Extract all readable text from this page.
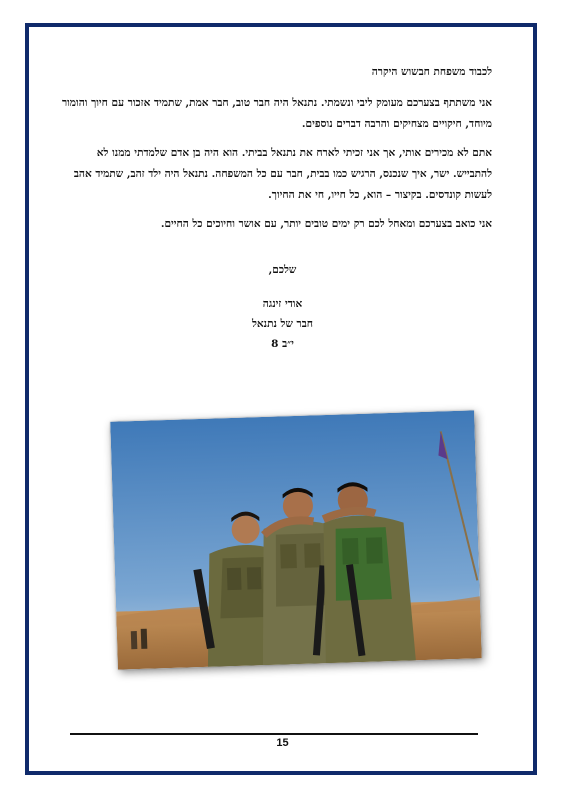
לכבוד משפחת חבשוש היקרה

אני משתתף בצערכם מעומק ליבי ונשמתי. נתנאל היה חבר טוב, חבר אמת, שתמיד אזכור עם חיוך והומור מיוחד, חיקויים מצחיקים והרבה דברים נוספים.

אתם לא מכירים אותי, אך אני זכיתי לארח את נתנאל בביתי. הוא היה בן אדם שלמדתי ממנו לא להתבייש. ישר, איך שנכנס, הרגיש כמו בבית, חבר עם כל המשפחה. נתנאל היה ילד זהב, שתמיד אהב לעשות קונדסים. בקיצור – הוא, כל חייו, חי את החיוך.

אני כואב בצערכם ומאחל לכם רק ימים טובים יותר, עם אושר וחיוכים כל החיים.

שלכם,
אודי זינגה
חבר של נתנאל
י״ב 8
15
